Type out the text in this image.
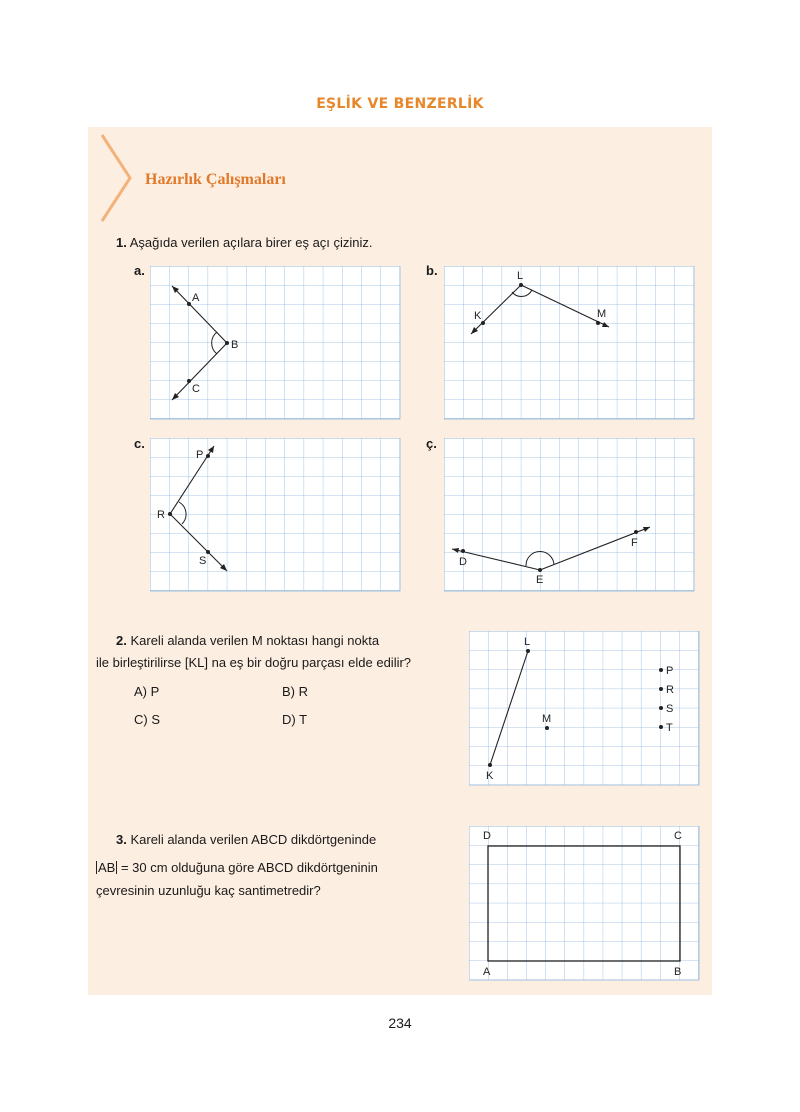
EŞLİK VE BENZERLİK
Hazırlık Çalışmaları
1. Aşağıda verilen açılara birer eş açı çiziniz.
a.
A
B
C
b.	L
K	M
c.
P
R
S
ç.
D
E
F
2. Kareli alanda verilen M noktası hangi nokta
ile birleştirilirse [KL] na eş bir doğru parçası elde edilir?
A) P	B) R
C) S	D) T
L
K
M
P
R
S
T
3. Kareli alanda verilen ABCD dikdörtgeninde
AB = 30 cm olduğuna göre ABCD dikdörtgeninin
çevresinin uzunluğu kaç santimetredir?
D	C
A	B
234
